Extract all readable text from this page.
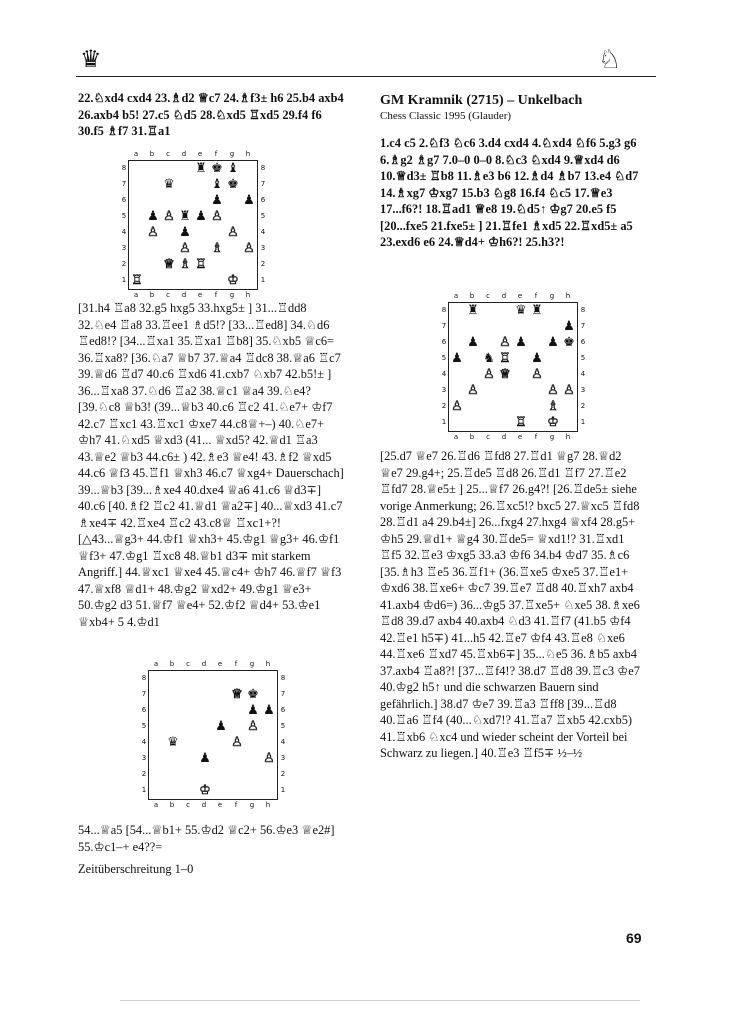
♛	♘

22.♘xd4 cxd4 23.♗d2 ♕c7 24.♗f3± h6 25.b4 axb4 26.axb4 b5! 27.c5 ♘d5 28.♘xd5 ♖xd5 29.f4 f6 30.f5 ♗f7 31.♖a1

a	b	c	d	e	f	g	h
♜ ♚ ♝
♛	♝ ♚
♟ ♟
♟ ♙ ♜ ♟ ♙
♙ ♟	♙
♙ ♗ ♙
♕ ♗ ♖
♖	♔
a	b	c	d	e	f	g	h
8
7
6
5
4
3
2
1
8
7
6
5
4
3
2
1

[31.h4 ♖a8 32.g5 hxg5 33.hxg5± ] 31...♖dd8 32.♘e4 ♖a8 33.♖ee1 ♗d5!? [33...♖ed8] 34.♘d6 ♖ed8!? [34...♖xa1 35.♖xa1 ♖b8] 35.♘xb5 ♕c6= 36.♖xa8? [36.♘a7 ♕b7 37.♕a4 ♖dc8 38.♕a6 ♖c7 39.♕d6 ♖d7 40.c6 ♖xd6 41.cxb7 ♘xb7 42.b5!± ] 36...♖xa8 37.♘d6 ♖a2 38.♕c1 ♕a4 39.♘e4? [39.♘c8 ♕b3! (39...♕b3 40.c6 ♖c2 41.♘e7+ ♔f7 42.c7 ♖xc1 43.♖xc1 ♔xe7 44.c8♕+–) 40.♘e7+ ♔h7 41.♘xd5 ♕xd3 (41... ♕xd5? 42.♕d1 ♖a3 43.♕e2 ♕b3 44.c6± ) 42.♗e3 ♕e4! 43.♗f2 ♕xd5 44.c6 ♕f3 45.♖f1 ♕xh3 46.c7 ♕xg4+ Dauerschach] 39...♕b3 [39...♗xe4 40.dxe4 ♕a6 41.c6 ♕d3∓] 40.c6 [40.♗f2 ♖c2 41.♕d1 ♕a2∓] 40...♕xd3 41.c7 ♗xe4∓ 42.♖xe4 ♖c2 43.c8♕ ♖xc1+?! [△43...♕g3+ 44.♔f1 ♕xh3+ 45.♔g1 ♕g3+ 46.♔f1 ♕f3+ 47.♔g1 ♖xc8 48.♕b1 d3∓ mit starkem Angriff.] 44.♕xc1 ♕xe4 45.♕c4+ ♔h7 46.♕f7 ♕f3 47.♕xf8 ♕d1+ 48.♔g2 ♕xd2+ 49.♔g1 ♕e3+ 50.♔g2 d3 51.♕f7 ♕e4+ 52.♔f2 ♕d4+ 53.♔e1 ♕xb4+ 5 4.♔d1

a	b	c	d	e	f	g	h
♕ ♚
♟ ♟
♟ ♙
♛	♙
♟	♙
♔
a	b	c	d	e	f	g	h
8
7
6
5
4
3
2
1
8
7
6
5
4
3
2
1

54...♕a5 [54...♕b1+ 55.♔d2 ♕c2+ 56.♔e3 ♕e2#] 55.♔c1–+ e4??=

Zeitüberschreitung 1–0

GM Kramnik (2715) – Unkelbach
Chess Classic 1995 (Glauder)

1.c4 c5 2.♘f3 ♘c6 3.d4 cxd4 4.♘xd4 ♘f6 5.g3 g6 6.♗g2 ♗g7 7.0–0 0–0 8.♘c3 ♘xd4 9.♕xd4 d6 10.♕d3± ♖b8 11.♗e3 b6 12.♗d4 ♗b7 13.e4 ♘d7 14.♗xg7 ♔xg7 15.b3 ♘g8 16.f4 ♘c5 17.♕e3 17...f6?! 18.♖ad1 ♕e8 19.♘d5↑ ♔g7 20.e5 f5 [20...fxe5 21.fxe5± ] 21.♖fe1 ♗xd5 22.♖xd5± a5 23.exd6 e6 24.♕d4+ ♔h6?! 25.h3?!

a	b	c	d	e	f	g	h
♜	♛ ♜
♟
♟ ♙ ♟ ♟ ♚
♟ ♞ ♖ ♟
♙ ♕ ♙
♙	♙ ♙
♙	♗
♖ ♔
a	b	c	d	e	f	g	h
8
7
6
5
4
3
2
1
8
7
6
5
4
3
2
1

[25.d7 ♕e7 26.♖d6 ♖fd8 27.♖d1 ♕g7 28.♕d2 ♕e7 29.g4+; 25.♖de5 ♖d8 26.♖d1 ♖f7 27.♖e2 ♖fd7 28.♕e5± ] 25...♕f7 26.g4?! [26.♖de5± siehe vorige Anmerkung; 26.♖xc5!? bxc5 27.♕xc5 ♖fd8 28.♖d1 a4 29.b4±] 26...fxg4 27.hxg4 ♕xf4 28.g5+ ♔h5 29.♕d1+ ♕g4 30.♖de5= ♕xd1!? 31.♖xd1 ♖f5 32.♖e3 ♔xg5 33.a3 ♔f6 34.b4 ♔d7 35.♗c6 [35.♗h3 ♖e5 36.♖f1+ (36.♖xe5 ♔xe5 37.♖e1+ ♔xd6 38.♖xe6+ ♔c7 39.♖e7 ♖d8 40.♖xh7 axb4 41.axb4 ♔d6=) 36...♔g5 37.♖xe5+ ♘xe5 38.♗xe6 ♖d8 39.d7 axb4 40.axb4 ♘d3 41.♖f7 (41.b5 ♔f4 42.♖e1 h5∓) 41...h5 42.♖e7 ♔f4 43.♖e8 ♘xe6 44.♖xe6 ♖xd7 45.♖xb6∓] 35...♘e5 36.♗b5 axb4 37.axb4 ♖a8?! [37...♖f4!? 38.d7 ♖d8 39.♖c3 ♔e7 40.♔g2 h5↑ und die schwarzen Bauern sind gefährlich.] 38.d7 ♔e7 39.♖a3 ♖ff8 [39...♖d8 40.♖a6 ♖f4 (40...♘xd7!? 41.♖a7 ♖xb5 42.cxb5) 41.♖xb6 ♘xc4 und wieder scheint der Vorteil bei Schwarz zu liegen.] 40.♖e3 ♖f5∓ ½–½

69
